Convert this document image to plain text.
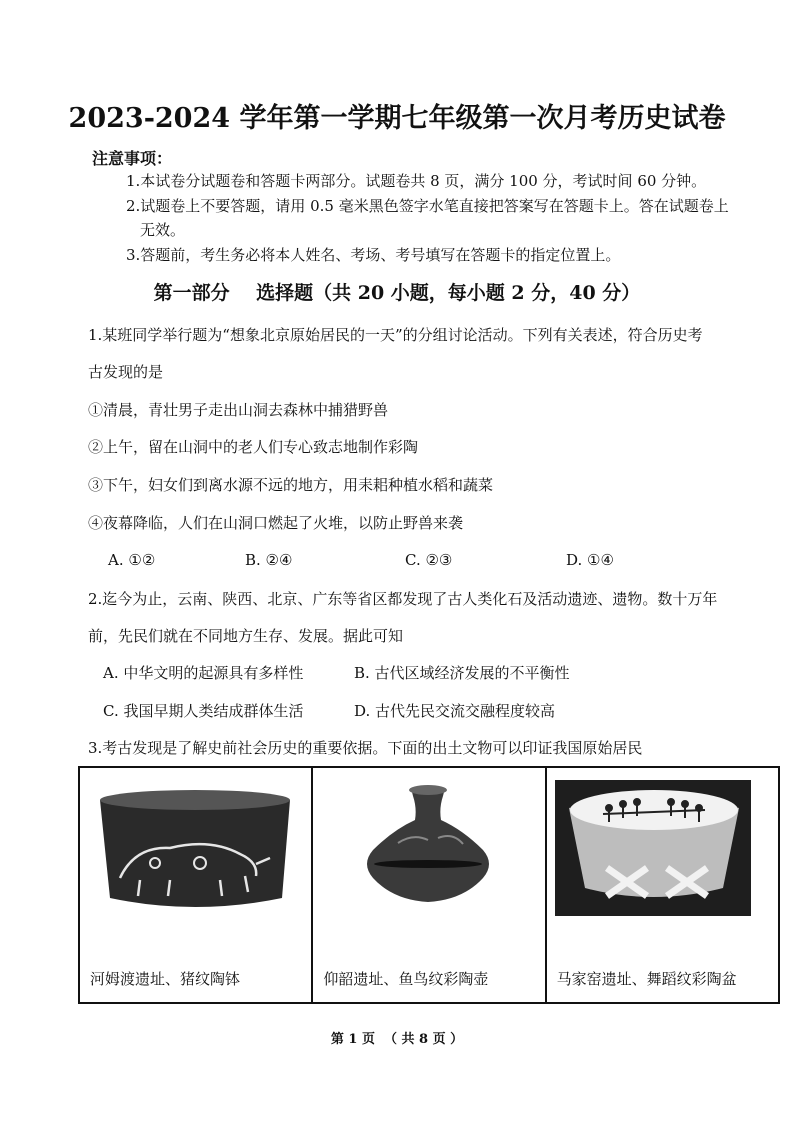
2023-2024 学年第一学期七年级第一次月考历史试卷
注意事项：
1.本试卷分试题卷和答题卡两部分。试题卷共 8 页，满分 100 分，考试时间 60 分钟。
2.试题卷上不要答题，请用 0.5 毫米黑色签字水笔直接把答案写在答题卡上。答在试题卷上
无效。
3.答题前，考生务必将本人姓名、考场、考号填写在答题卡的指定位置上。
第一部分    选择题（共 20 小题，每小题 2 分，40 分）
1.某班同学举行题为“想象北京原始居民的一天”的分组讨论活动。下列有关表述，符合历史考
古发现的是
①清晨，青壮男子走出山洞去森林中捕猎野兽
②上午，留在山洞中的老人们专心致志地制作彩陶
③下午，妇女们到离水源不远的地方，用耒耜种植水稻和蔬菜
④夜幕降临，人们在山洞口燃起了火堆，以防止野兽来袭
A. ①②	B. ②④	C. ②③	D. ①④
2.迄今为止，云南、陕西、北京、广东等省区都发现了古人类化石及活动遗迹、遗物。数十万年
前，先民们就在不同地方生存、发展。据此可知
A. 中华文明的起源具有多样性	B. 古代区域经济发展的不平衡性
C. 我国早期人类结成群体生活	D. 古代先民交流交融程度较高
3.考古发现是了解史前社会历史的重要依据。下面的出土文物可以印证我国原始居民
河姆渡遗址、猪纹陶钵	仰韶遗址、鱼鸟纹彩陶壶	马家窑遗址、舞蹈纹彩陶盆
第 1 页  （ 共 8 页 ）
